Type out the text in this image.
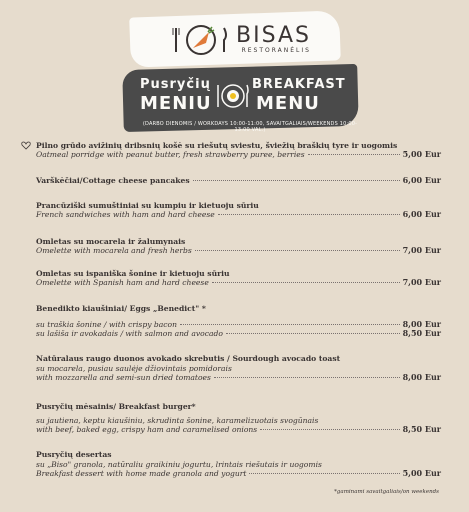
BISAS
RESTORANĖLIS
Pusryčių
MENIU
BREAKFAST
MENU
(DARBO DIENOMIS / WORKDAYS 10:00-11:00, SAVAITGALIAIS/WEEKENDS 10:00-13:00 VAL.)
Pilno grūdo avižinių dribsnių košė su riešutų sviestu, šviežių braškių tyre ir uogomis
Oatmeal porridge with peanut butter, fresh strawberry puree, berries	5,00 Eur
Varškėčiai/Cottage cheese pancakes	6,00 Eur
Prancūziški sumuštiniai su kumpiu ir kietuoju sūriu
French sandwiches with ham and hard cheese	6,00 Eur
Omletas su mocarela ir žalumynais
Omelette with mocarela and fresh herbs	7,00 Eur
Omletas su ispaniška šonine ir kietuoju sūriu
Omelette with Spanish ham and hard cheese	7,00 Eur
Benedikto kiaušiniai/ Eggs „Benedict" *
su traškia šonine / with crispy bacon	8,00 Eur
su lašiša ir avokadais / with salmon and avocado	8,50 Eur
Natūralaus raugo duonos avokado skrebutis / Sourdough avocado toast
su mocarela, pusiau saulėje džiovintais pomidorais
with mozzarella and semi-sun dried tomatoes	8,00 Eur
Pusryčių mėsainis/ Breakfast burger*
su jautiena, keptu kiaušiniu, skrudinta šonine, karamelizuotais svogūnais
with beef, baked egg, crispy ham and caramelised onions	8,50 Eur
Pusryčių desertas
su „Biso" granola, natūraliu graikiniu jogurtu, lrintais riešutais ir uogomis
Breakfast dessert with home made granola and yogurt	5,00 Eur
*gaminami savaitgaliais/on weekends
